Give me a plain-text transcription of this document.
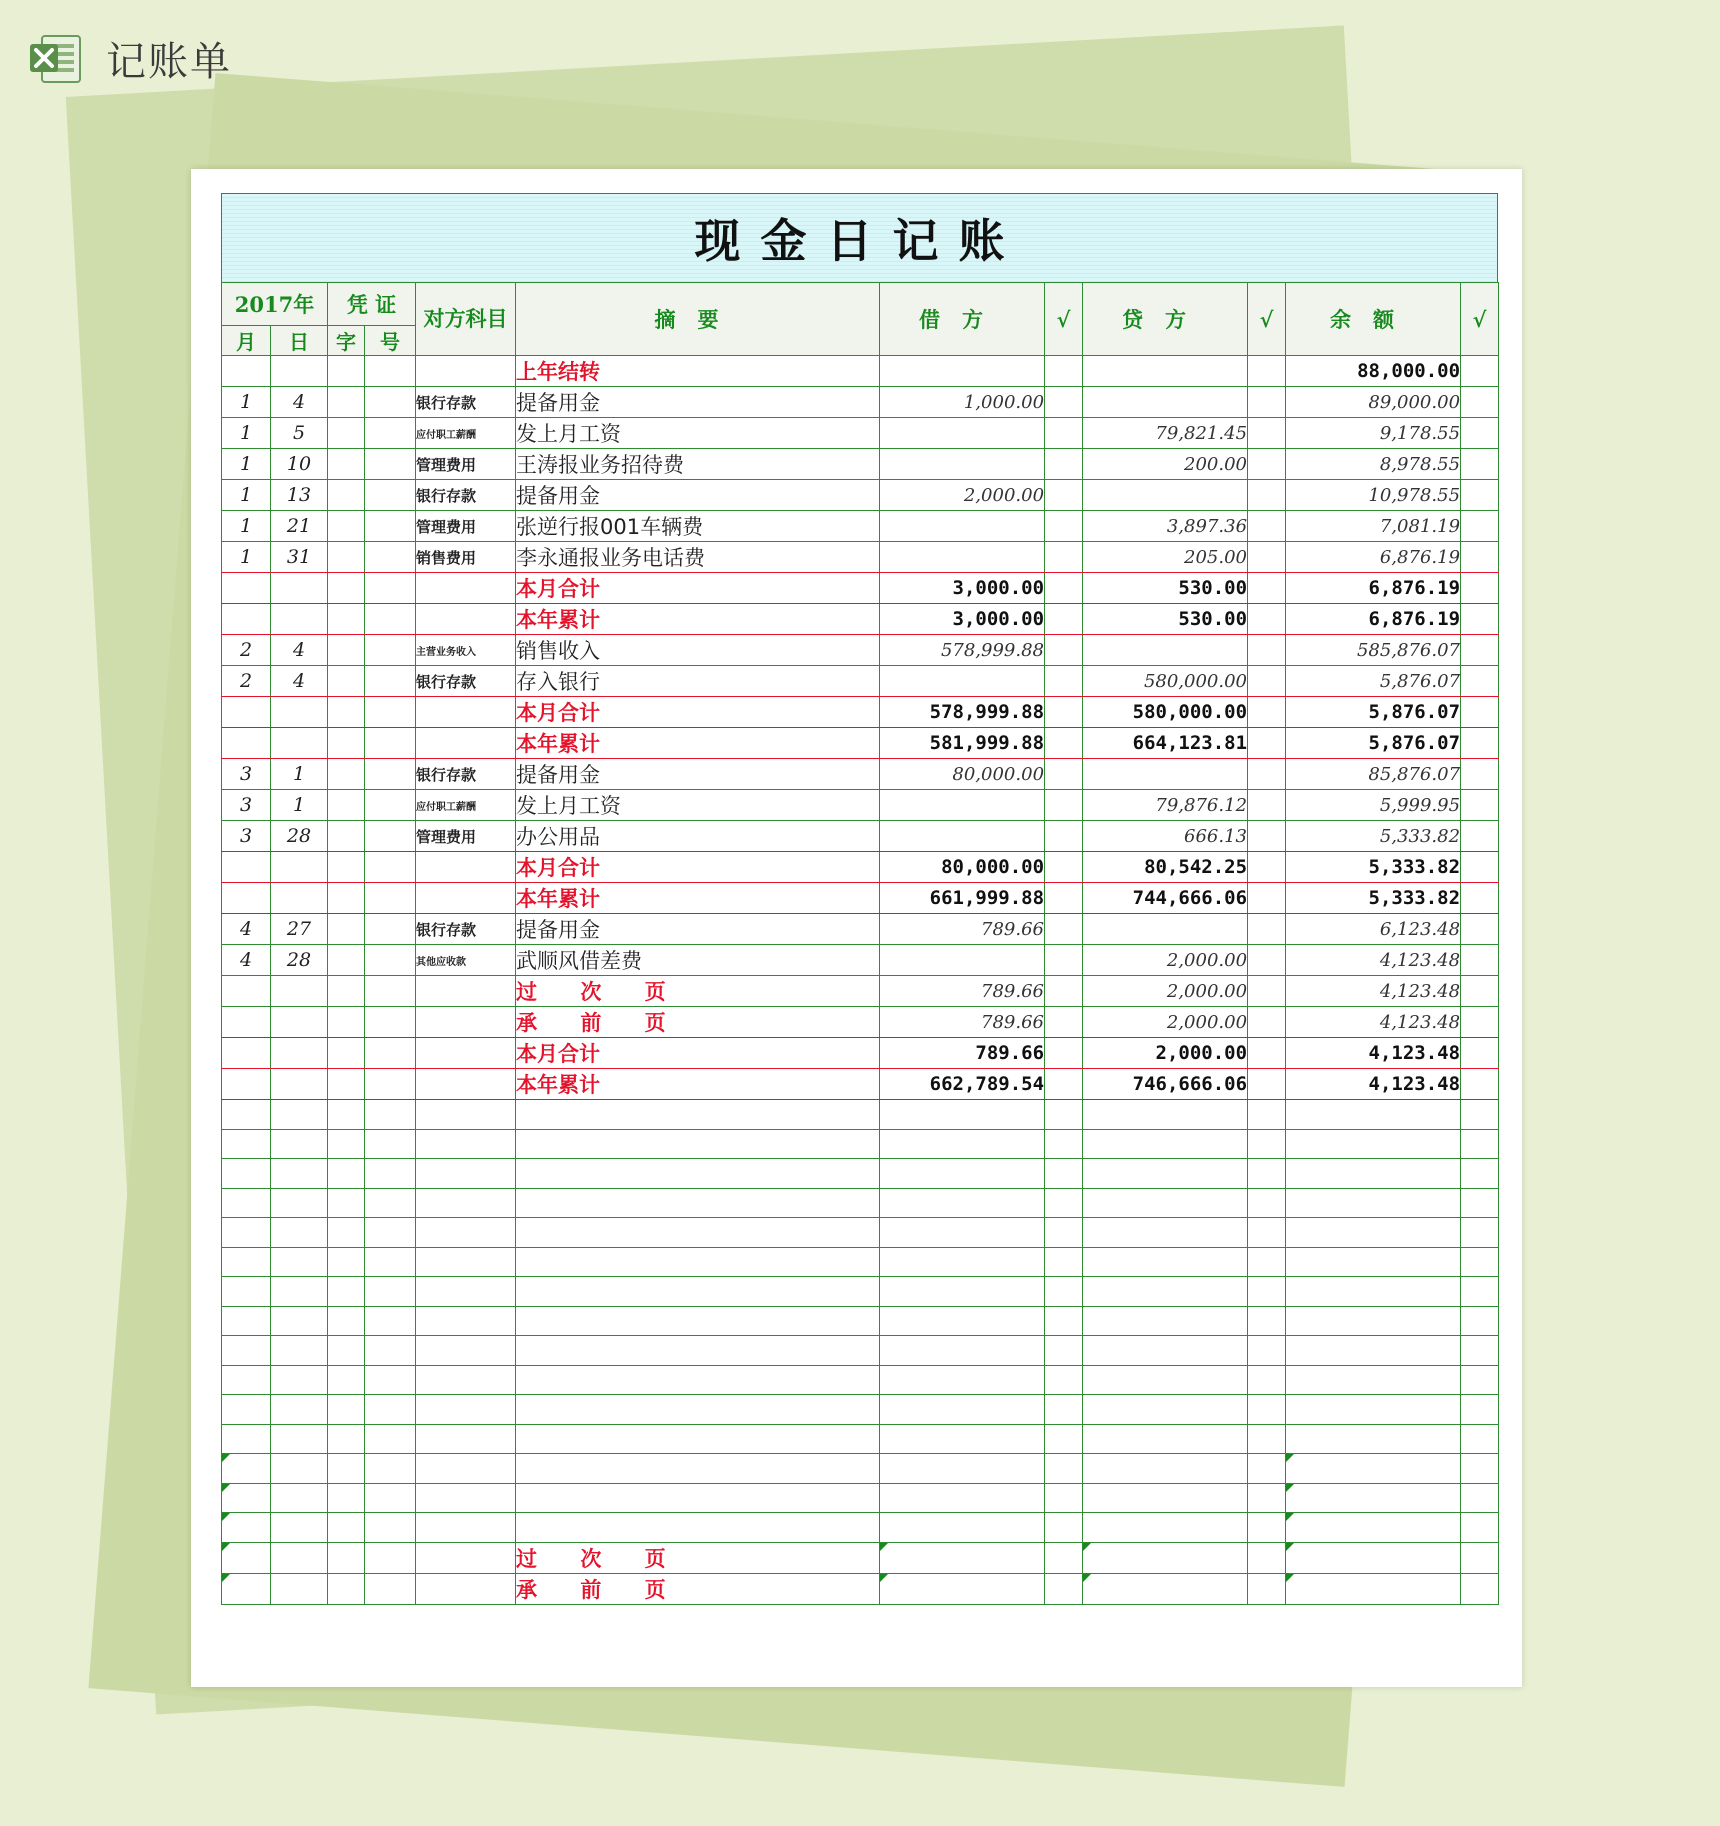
记账单
现金日记账
2017年		凭 证		对方科目	摘要	借方	√	贷方	√	余额	√
月	日	字	号								
					上年结转					88,000.00	
1	4			银行存款	提备用金	1,000.00				89,000.00	
1	5			应付职工薪酬	发上月工资			79,821.45		9,178.55	
1	10			管理费用	王涛报业务招待费			200.00		8,978.55	
1	13			银行存款	提备用金	2,000.00				10,978.55	
1	21			管理费用	张逆行报001车辆费			3,897.36		7,081.19	
1	31			销售费用	李永通报业务电话费			205.00		6,876.19	
					本月合计	3,000.00		530.00		6,876.19	
					本年累计	3,000.00		530.00		6,876.19	
2	4			主营业务收入	销售收入	578,999.88				585,876.07	
2	4			银行存款	存入银行			580,000.00		5,876.07	
					本月合计	578,999.88		580,000.00		5,876.07	
					本年累计	581,999.88		664,123.81		5,876.07	
3	1			银行存款	提备用金	80,000.00				85,876.07	
3	1			应付职工薪酬	发上月工资			79,876.12		5,999.95	
3	28			管理费用	办公用品			666.13		5,333.82	
					本月合计	80,000.00		80,542.25		5,333.82	
					本年累计	661,999.88		744,666.06		5,333.82	
4	27			银行存款	提备用金	789.66				6,123.48	
4	28			其他应收款	武顺风借差费			2,000.00		4,123.48	
					过 次 页	789.66		2,000.00		4,123.48	
					承 前 页	789.66		2,000.00		4,123.48	
					本月合计	789.66		2,000.00		4,123.48	
					本年累计	662,789.54		746,666.06		4,123.48	

					过 次 页						
					承 前 页						
